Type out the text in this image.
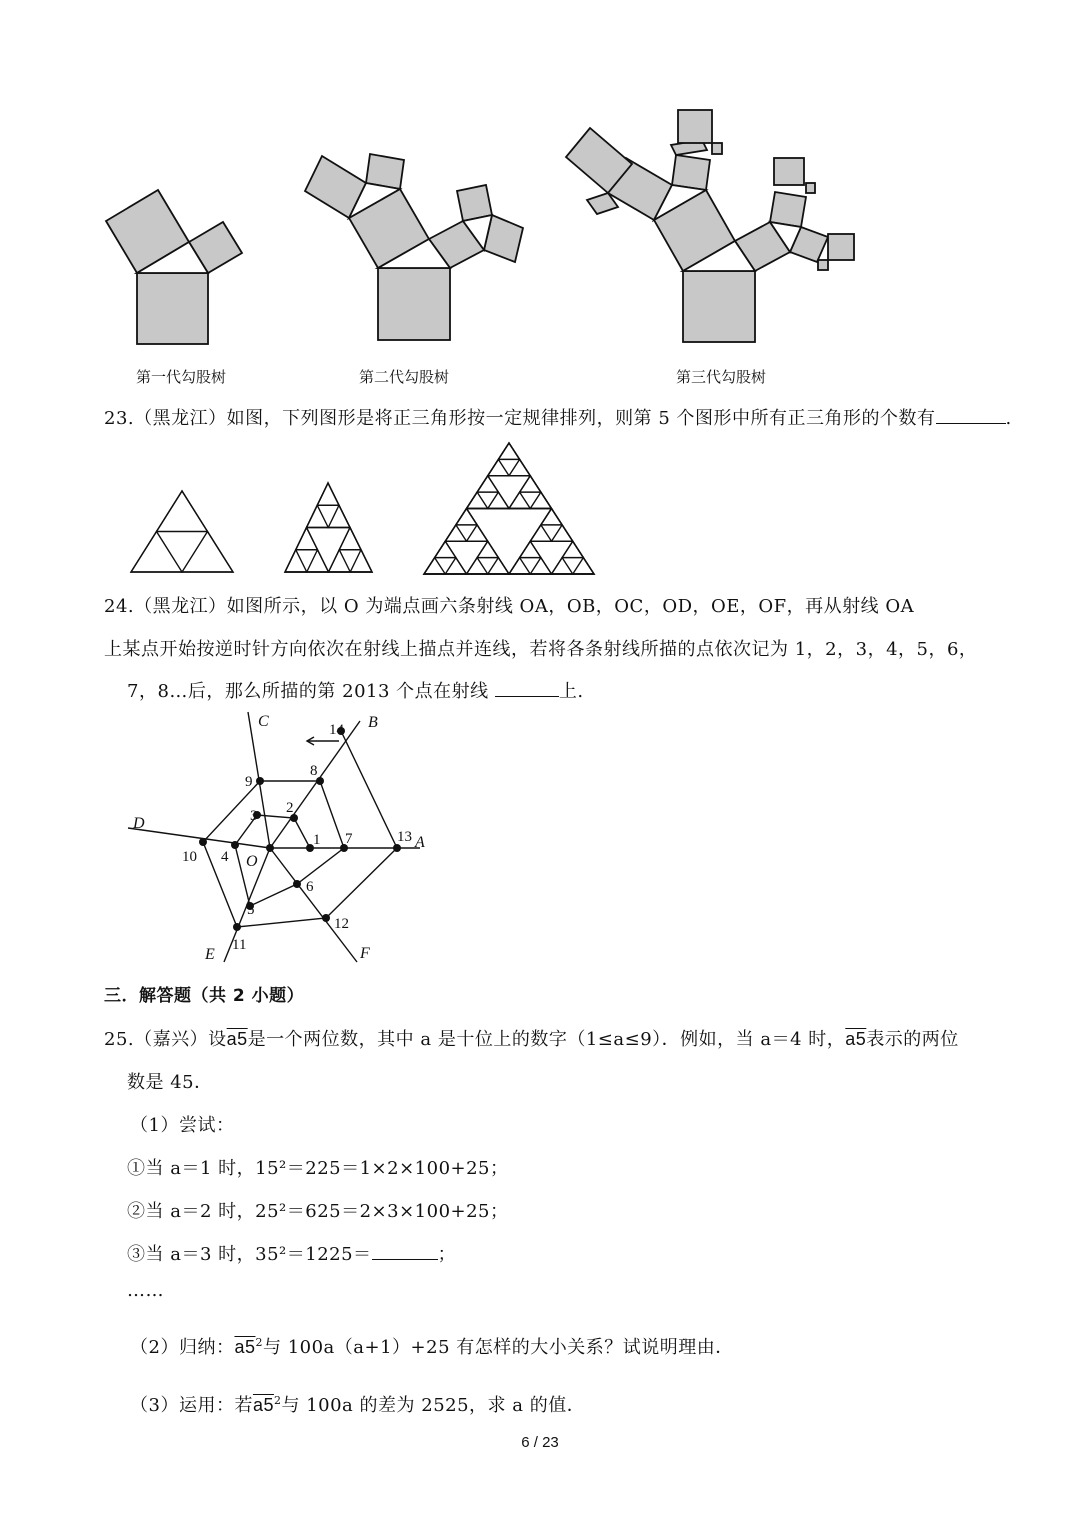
第一代勾股树	第二代勾股树	第三代勾股树
23.（黑龙江）如图，下列图形是将正三角形按一定规律排列，则第 5 个图形中所有正三角形的个数有	.
24.（黑龙江）如图所示，以 O 为端点画六条射线 OA，OB，OC，OD，OE，OF，再从射线 OA
上某点开始按逆时针方向依次在射线上描点并连线，若将各条射线所描的点依次记为 1，2，3，4，5，6，
7，8…后，那么所描的第 2013 个点在射线	上.
1
2
3
4
5
6
7
8
9
10
11
12
13
14
A
B
C
D
E	F
O
三．解答题（共 2 小题）
25.（嘉兴）设a5是一个两位数，其中 a 是十位上的数字（1≤a≤9）．例如，当 a＝4 时，a5表示的两位
数是 45．
（1）尝试：
①当 a＝1 时，15²＝225＝1×2×100+25；
②当 a＝2 时，25²＝625＝2×3×100+25；
③当 a＝3 时，35²＝1225＝	；
……
（2）归纳：$a5^2$与 100a（a+1）+25 有怎样的大小关系？试说明理由．
（3）运用：若$a5^2$与 100a 的差为 2525，求 a 的值．
6 / 23
